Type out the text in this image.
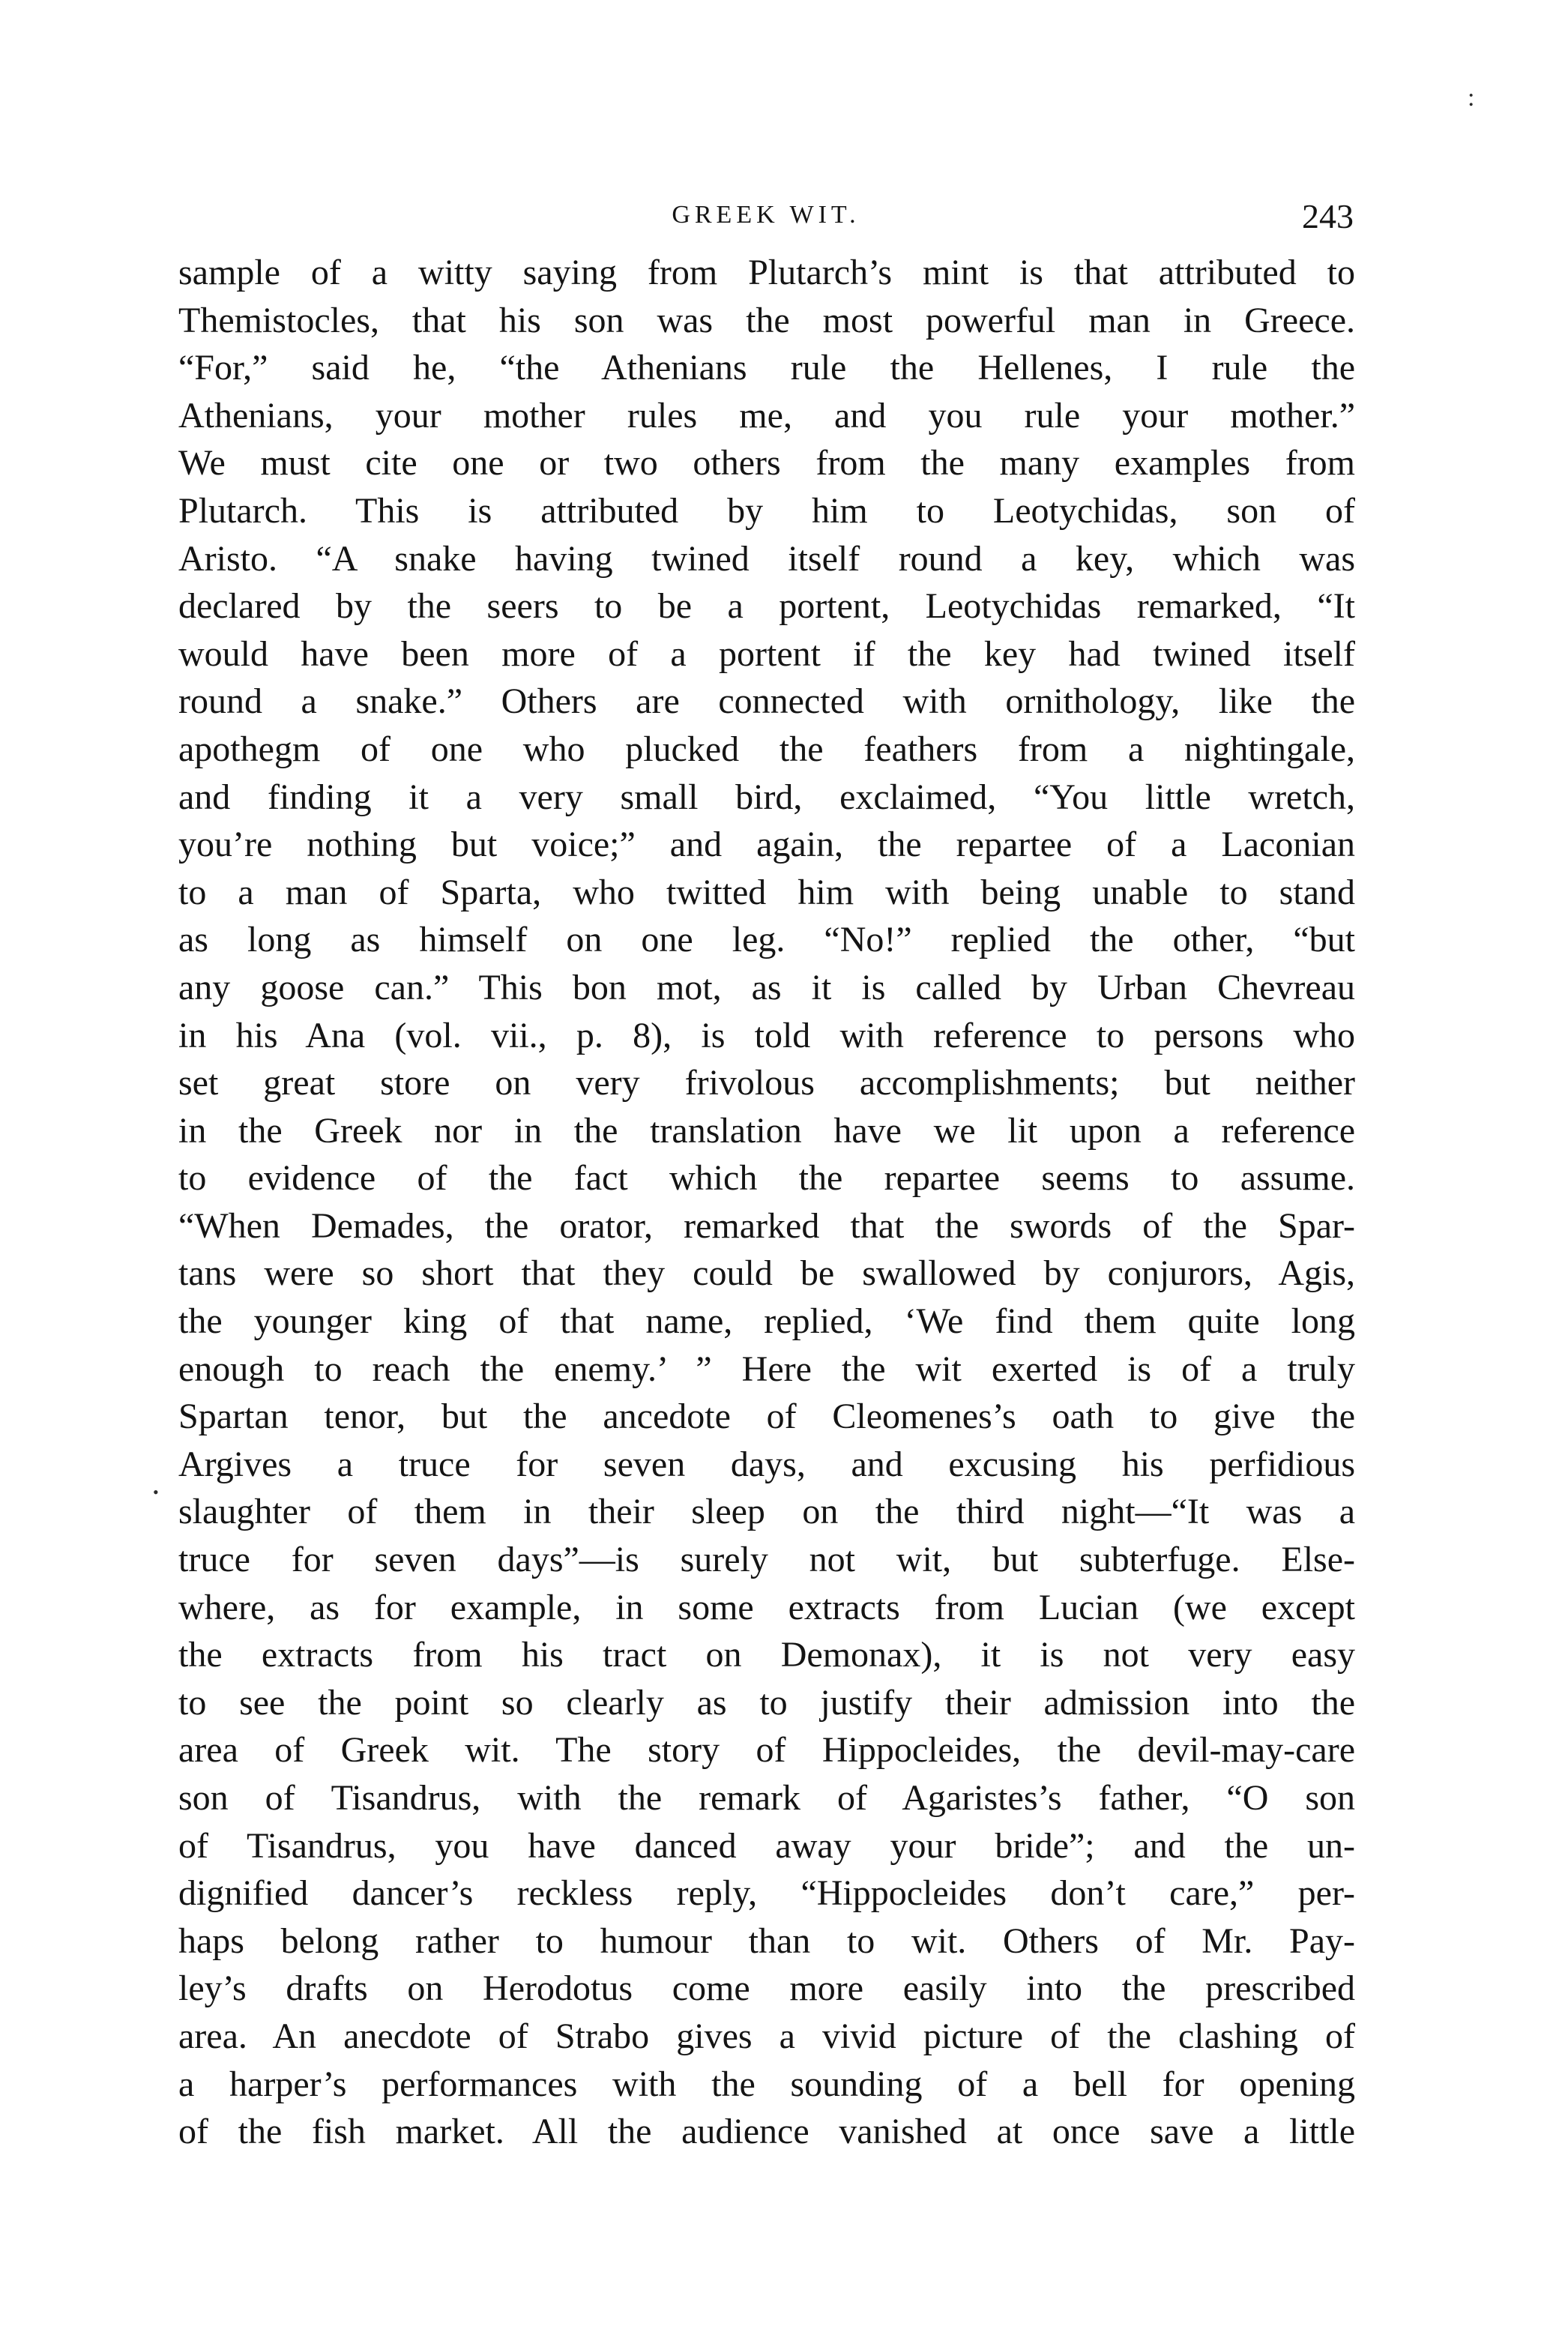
:
GREEK WIT.	243
•
sample of a witty saying from Plutarch’s mint is that attributed to
Themistocles, that his son was the most powerful man in Greece.
“For,” said he, “the Athenians rule the Hellenes, I rule the
Athenians, your mother rules me, and you rule your mother.”
We must cite one or two others from the many examples from
Plutarch. This is attributed by him to Leotychidas, son of
Aristo. “A snake having twined itself round a key, which was
declared by the seers to be a portent, Leotychidas remarked, “It
would have been more of a portent if the key had twined itself
round a snake.” Others are connected with ornithology, like the
apothegm of one who plucked the feathers from a nightingale,
and finding it a very small bird, exclaimed, “You little wretch,
you’re nothing but voice;” and again, the repartee of a Laconian
to a man of Sparta, who twitted him with being unable to stand
as long as himself on one leg. “No!” replied the other, “but
any goose can.” This bon mot, as it is called by Urban Chevreau
in his Ana (vol. vii., p. 8), is told with reference to persons who
set great store on very frivolous accomplishments; but neither
in the Greek nor in the translation have we lit upon a reference
to evidence of the fact which the repartee seems to assume.
“When Demades, the orator, remarked that the swords of the Spar-
tans were so short that they could be swallowed by conjurors, Agis,
the younger king of that name, replied, ‘We find them quite long
enough to reach the enemy.’ ” Here the wit exerted is of a truly
Spartan tenor, but the ancedote of Cleomenes’s oath to give the
Argives a truce for seven days, and excusing his perfidious
slaughter of them in their sleep on the third night—“It was a
truce for seven days”—is surely not wit, but subterfuge. Else-
where, as for example, in some extracts from Lucian (we except
the extracts from his tract on Demonax), it is not very easy
to see the point so clearly as to justify their admission into the
area of Greek wit. The story of Hippocleides, the devil-may-care
son of Tisandrus, with the remark of Agaristes’s father, “O son
of Tisandrus, you have danced away your bride”; and the un-
dignified dancer’s reckless reply, “Hippocleides don’t care,” per-
haps belong rather to humour than to wit. Others of Mr. Pay-
ley’s drafts on Herodotus come more easily into the prescribed
area. An anecdote of Strabo gives a vivid picture of the clashing of
a harper’s performances with the sounding of a bell for opening
of the fish market. All the audience vanished at once save a little
